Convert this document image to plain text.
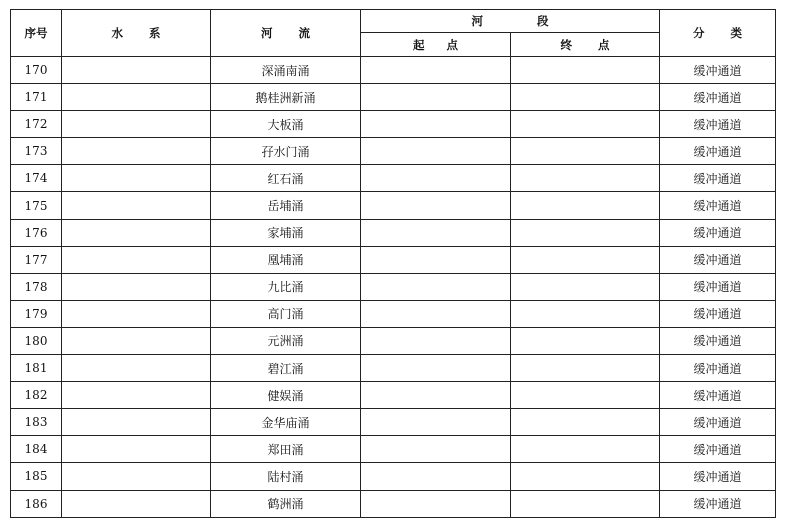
序号	水 系	河 流	河 段		分 类
			起 点	终 点	
170		深涌南涌			缓冲通道
171		鹅桂洲新涌			缓冲通道
172		大板涌			缓冲通道
173		孖水门涌			缓冲通道
174		红石涌			缓冲通道
175		岳埔涌			缓冲通道
176		家埔涌			缓冲通道
177		凰埔涌			缓冲通道
178		九比涌			缓冲通道
179		高门涌			缓冲通道
180		元洲涌			缓冲通道
181		碧江涌			缓冲通道
182		健娱涌			缓冲通道
183		金华庙涌			缓冲通道
184		郑田涌			缓冲通道
185		陆村涌			缓冲通道
186		鹤洲涌			缓冲通道
